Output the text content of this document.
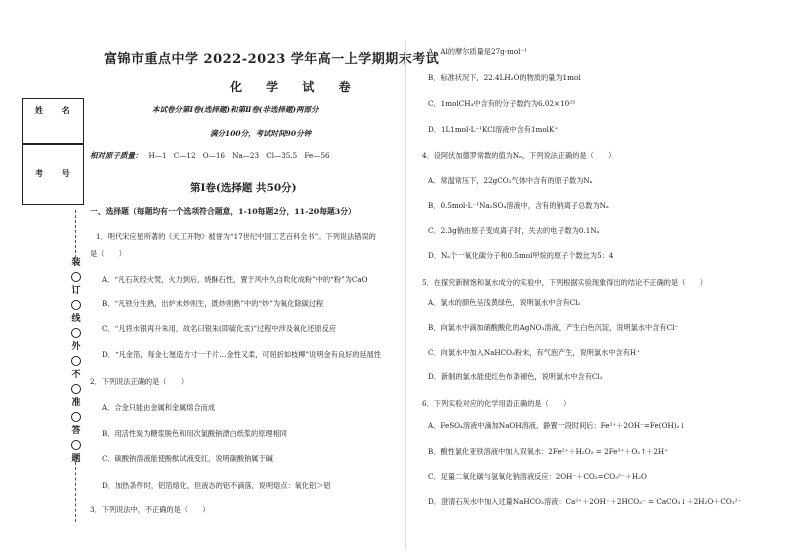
姓 名
考 号
装
订
线
外
不
准
答
题
富锦市重点中学 2022-2023 学年高一上学期期末考试
化 学 试 卷
本试卷分第Ⅰ卷(选择题)和第Ⅱ卷(非选择题)两部分
满分100分，考试时间90分钟
相对原子质量： H—1　C—12　O—16　Na—23　Cl—35.5　Fe—56
第Ⅰ卷(选择题 共50分)
一、选择题（每题均有一个选项符合题意，1-10每题2分，11-20每题3分）
1．明代宋应星所著的《天工开物》被誉为“17世纪中国工艺百科全书”。下列说法错误的
是（　　）
A．“凡石灰经火焚，火力到后，烧酥石性，置于风中久自吹化成粉”中的“粉”为CaO
B．“凡铁分生熟，出炉未炒则生，既炒则熟”中的“炒”为氧化除碳过程
C．“凡将水银再升朱用，故名曰银朱(即硫化汞)”过程中涉及氧化还原反应
D．“凡金箔，每金七厘造方寸一千片…金性又柔，可屈折如枝柳”说明金有良好的延展性
2．下列说法正确的是（　　）
A．合金只能由金属和金属熔合而成
B．用活性炭为糖浆脱色和用次氯酸钠漂白纸浆的原理相同
C．碳酸钠溶液能使酚酞试液变红，说明碳酸钠属于碱
D．加热条件时，铝箔熔化，但液态的铝不滴落，说明熔点：氧化铝＞铝
3．下列说法中，不正确的是（　　）
A．Al的摩尔质量是27g·mol⁻¹
B．标准状况下，22.4LH₂O的物质的量为1mol
C．1molCH₄中含有的分子数约为6.02×10²³
D．1L1mol·L⁻¹KCl溶液中含有1molK⁺
4．设阿伏加德罗常数的值为Nₐ，下列说法正确的是（　　）
A．常温常压下，22gCO₂气体中含有的原子数为Nₐ
B．0.5mol·L⁻¹Na₂SO₄溶液中，含有的钠离子总数为Nₐ
C．2.3g钠由原子变成离子时，失去的电子数为0.1Nₐ
D．Nₐ个一氧化碳分子和0.5mol甲烷的原子个数比为5：4
5．在探究新制饱和氯水成分的实验中，下列根据实验现象得出的结论不正确的是（　　）
A．氯水的颜色呈浅黄绿色，说明氯水中含有Cl₂
B．向氯水中滴加硝酸酸化的AgNO₃溶液，产生白色沉淀，说明氯水中含有Cl⁻
C．向氯水中加入NaHCO₃粉末，有气泡产生，说明氯水中含有H⁺
D．新制的氯水能使红色布条褪色，说明氯水中含有Cl₂
6．下列实验对应的化学用语正确的是（　　）
A．FeSO₄溶液中滴加NaOH溶液，静置一段时间后：Fe²⁺＋2OH⁻=Fe(OH)₂↓
B．酸性氯化亚铁溶液中加入双氧水：2Fe²⁺＋H₂O₂ = 2Fe³⁺＋O₂↑＋2H⁺
C．足量二氧化碳与氢氧化钠溶液反应：2OH⁻＋CO₂=CO₃²⁻＋H₂O
D．澄清石灰水中加入过量NaHCO₃溶液：Ca²⁺＋2OH⁻＋2HCO₃⁻ = CaCO₃↓＋2H₂O＋CO₃²⁻
